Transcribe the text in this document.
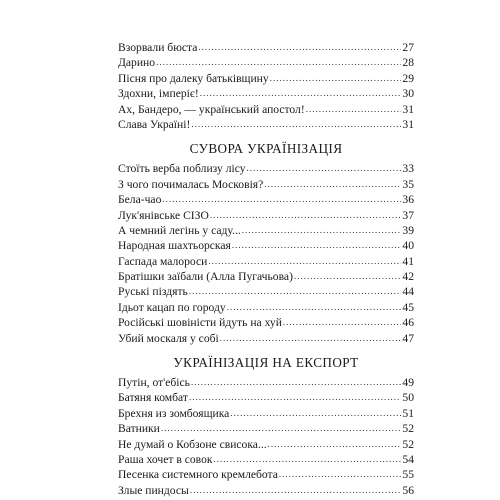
Взорвали бюста .....	27
Дарино .....	28
Пісня про далеку батьківщину .....	29
Здохни, імперіє! .....	30
Ах, Бандеро, — український апостол! .....	31
Слава Україні! .....	31
СУВОРА УКРАЇНІЗАЦІЯ
Стоїть верба поблизу лісу .....	33
З чого почималась Московія? .....	35
Бела-чао .....	36
Лук'янівське СІЗО .....	37
А чемний легінь у саду... .....	39
Народная шахтьорская .....	40
Гаспада малороси .....	41
Братішки заїбали (Алла Пугачьова) .....	42
Руські піздять .....	44
Ідьот кацап по городу .....	45
Російські шовіністи йдуть на хуй .....	46
Убий москаля у собі .....	47
УКРАЇНІЗАЦІЯ НА ЕКСПОРТ
Путін, от'ебісь .....	49
Батяня комбат .....	50
Брехня из зомбоящика .....	51
Ватники .....	52
Не думай о Кобзоне свисока... .....	52
Раша хочет в совок .....	54
Песенка системного кремлебота .....	55
Злые пиндосы .....	56
